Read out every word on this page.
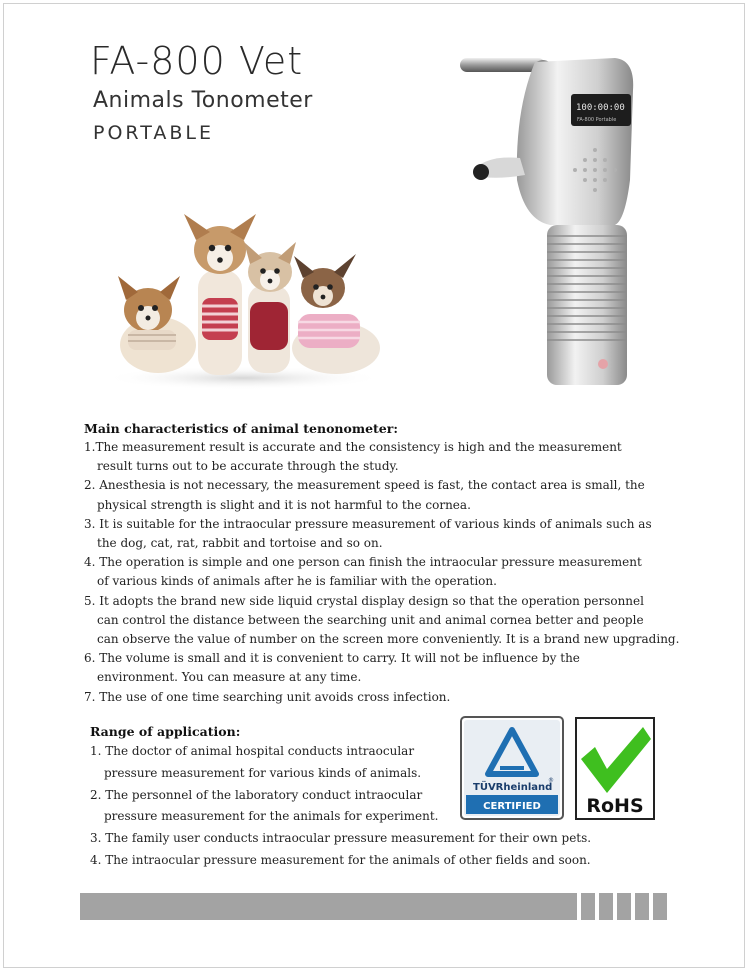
FA-800 Vet
Animals Tonometer
PORTABLE
100:00:00
FA-800 Portable
Main characteristics of animal tenonometer:
1.The measurement result is accurate and the consistency is high and the measurement
result turns out to be accurate through the study.
2. Anesthesia is not necessary, the measurement speed is fast, the contact area is small, the
physical strength is slight and it is not harmful to the cornea.
3. It is suitable for the intraocular pressure measurement of various kinds of animals such as
the dog, cat, rat, rabbit and tortoise and so on.
4. The operation is simple and one person can finish the intraocular pressure measurement
of various kinds of animals after he is familiar with the operation.
5. It adopts the brand new side liquid crystal display design so that the operation personnel
can control the distance between the searching unit and animal cornea better and people
can observe the value of number on the screen more conveniently. It is a brand new upgrading.
6. The volume is small and it is convenient to carry. It will not be influence by the
environment. You can measure at any time.
7. The use of one time searching unit avoids cross infection.
Range of application:
1. The doctor of animal hospital conducts intraocular
pressure measurement for various kinds of animals.
2. The personnel of the laboratory conduct intraocular
pressure measurement for the animals for experiment.
3. The family user conducts intraocular pressure measurement for their own pets.
4. The intraocular pressure measurement for the animals of other fields and soon.
TÜVRheinland
®
CERTIFIED RoHS
